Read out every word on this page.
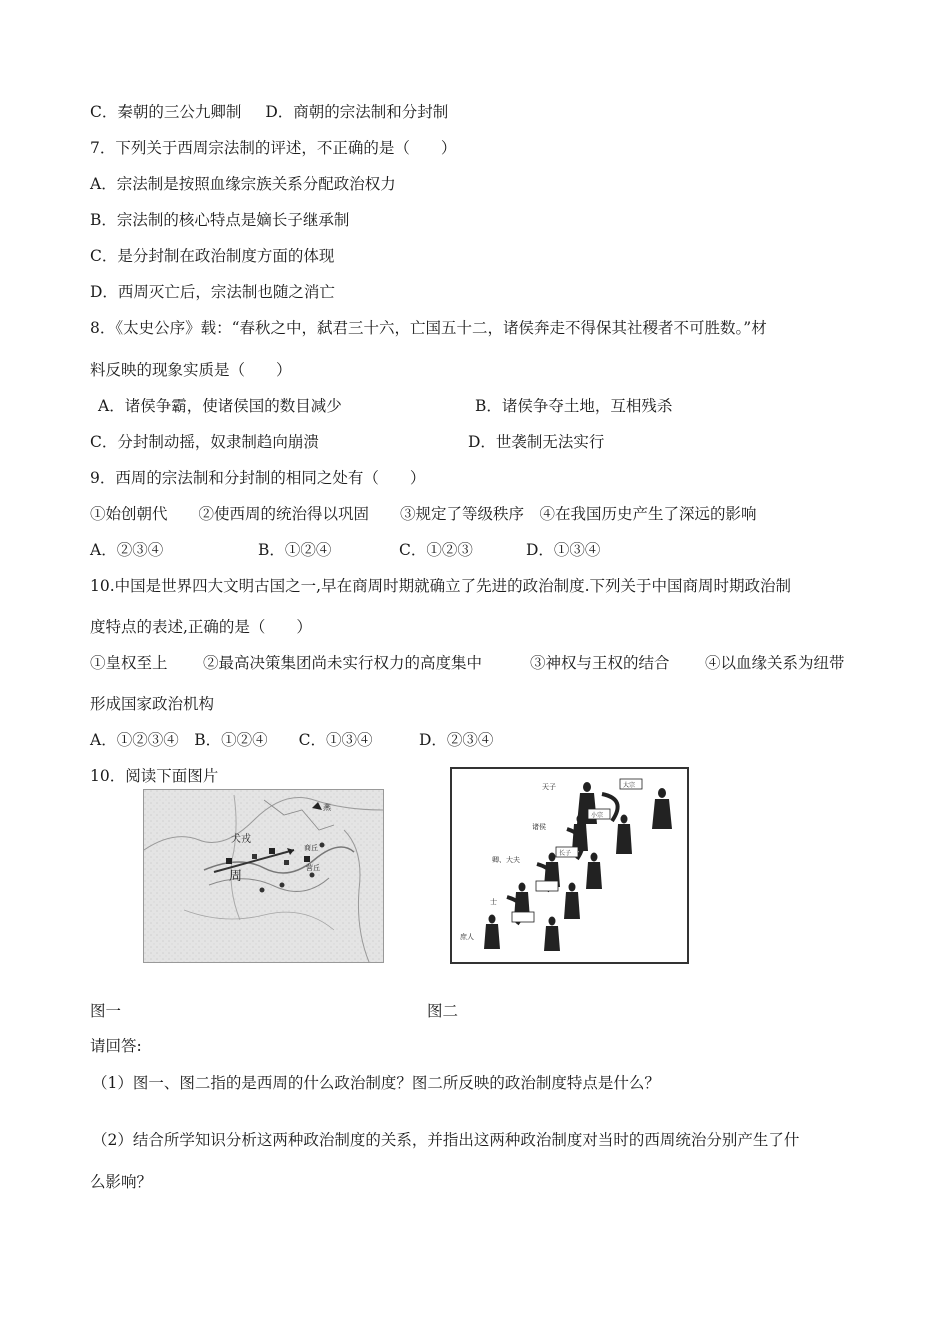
C．秦朝的三公九卿制 D．商朝的宗法制和分封制
7．下列关于西周宗法制的评述，不正确的是（　　）
A．宗法制是按照血缘宗族关系分配政治权力
B．宗法制的核心特点是嫡长子继承制
C．是分封制在政治制度方面的体现
D．西周灭亡后，宗法制也随之消亡
8．《太史公序》载：“春秋之中，弑君三十六，亡国五十二，诸侯奔走不得保其社稷者不可胜数。”材
料反映的现象实质是（　　）
A．诸侯争霸，使诸侯国的数目减少	B．诸侯争夺土地，互相残杀
C．分封制动摇，奴隶制趋向崩溃	D．世袭制无法实行
9．西周的宗法制和分封制的相同之处有（　　）
①始创朝代　　②使西周的统治得以巩固　　③规定了等级秩序　④在我国历史产生了深远的影响
A．②③④	B．①②④	C．①②③	D．①③④
10.中国是世界四大文明古国之一,早在商周时期就确立了先进的政治制度.下列关于中国商周时期政治制
度特点的表述,正确的是（　　）
①皇权至上 ②最高决策集团尚未实行权力的高度集中	③神权与王权的结合 ④以血缘关系为纽带
形成国家政治机构
A．①②③④　B．①②④　　C．①③④　　　D．②③④
10．阅读下面图片
犬戎
周
商丘
营丘
燕
天子
诸侯
卿、大夫
士
庶人
大宗
小宗
长子
图一	图二
请回答:
（1）图一、图二指的是西周的什么政治制度？图二所反映的政治制度特点是什么？
（2）结合所学知识分析这两种政治制度的关系，并指出这两种政治制度对当时的西周统治分别产生了什
么影响？
